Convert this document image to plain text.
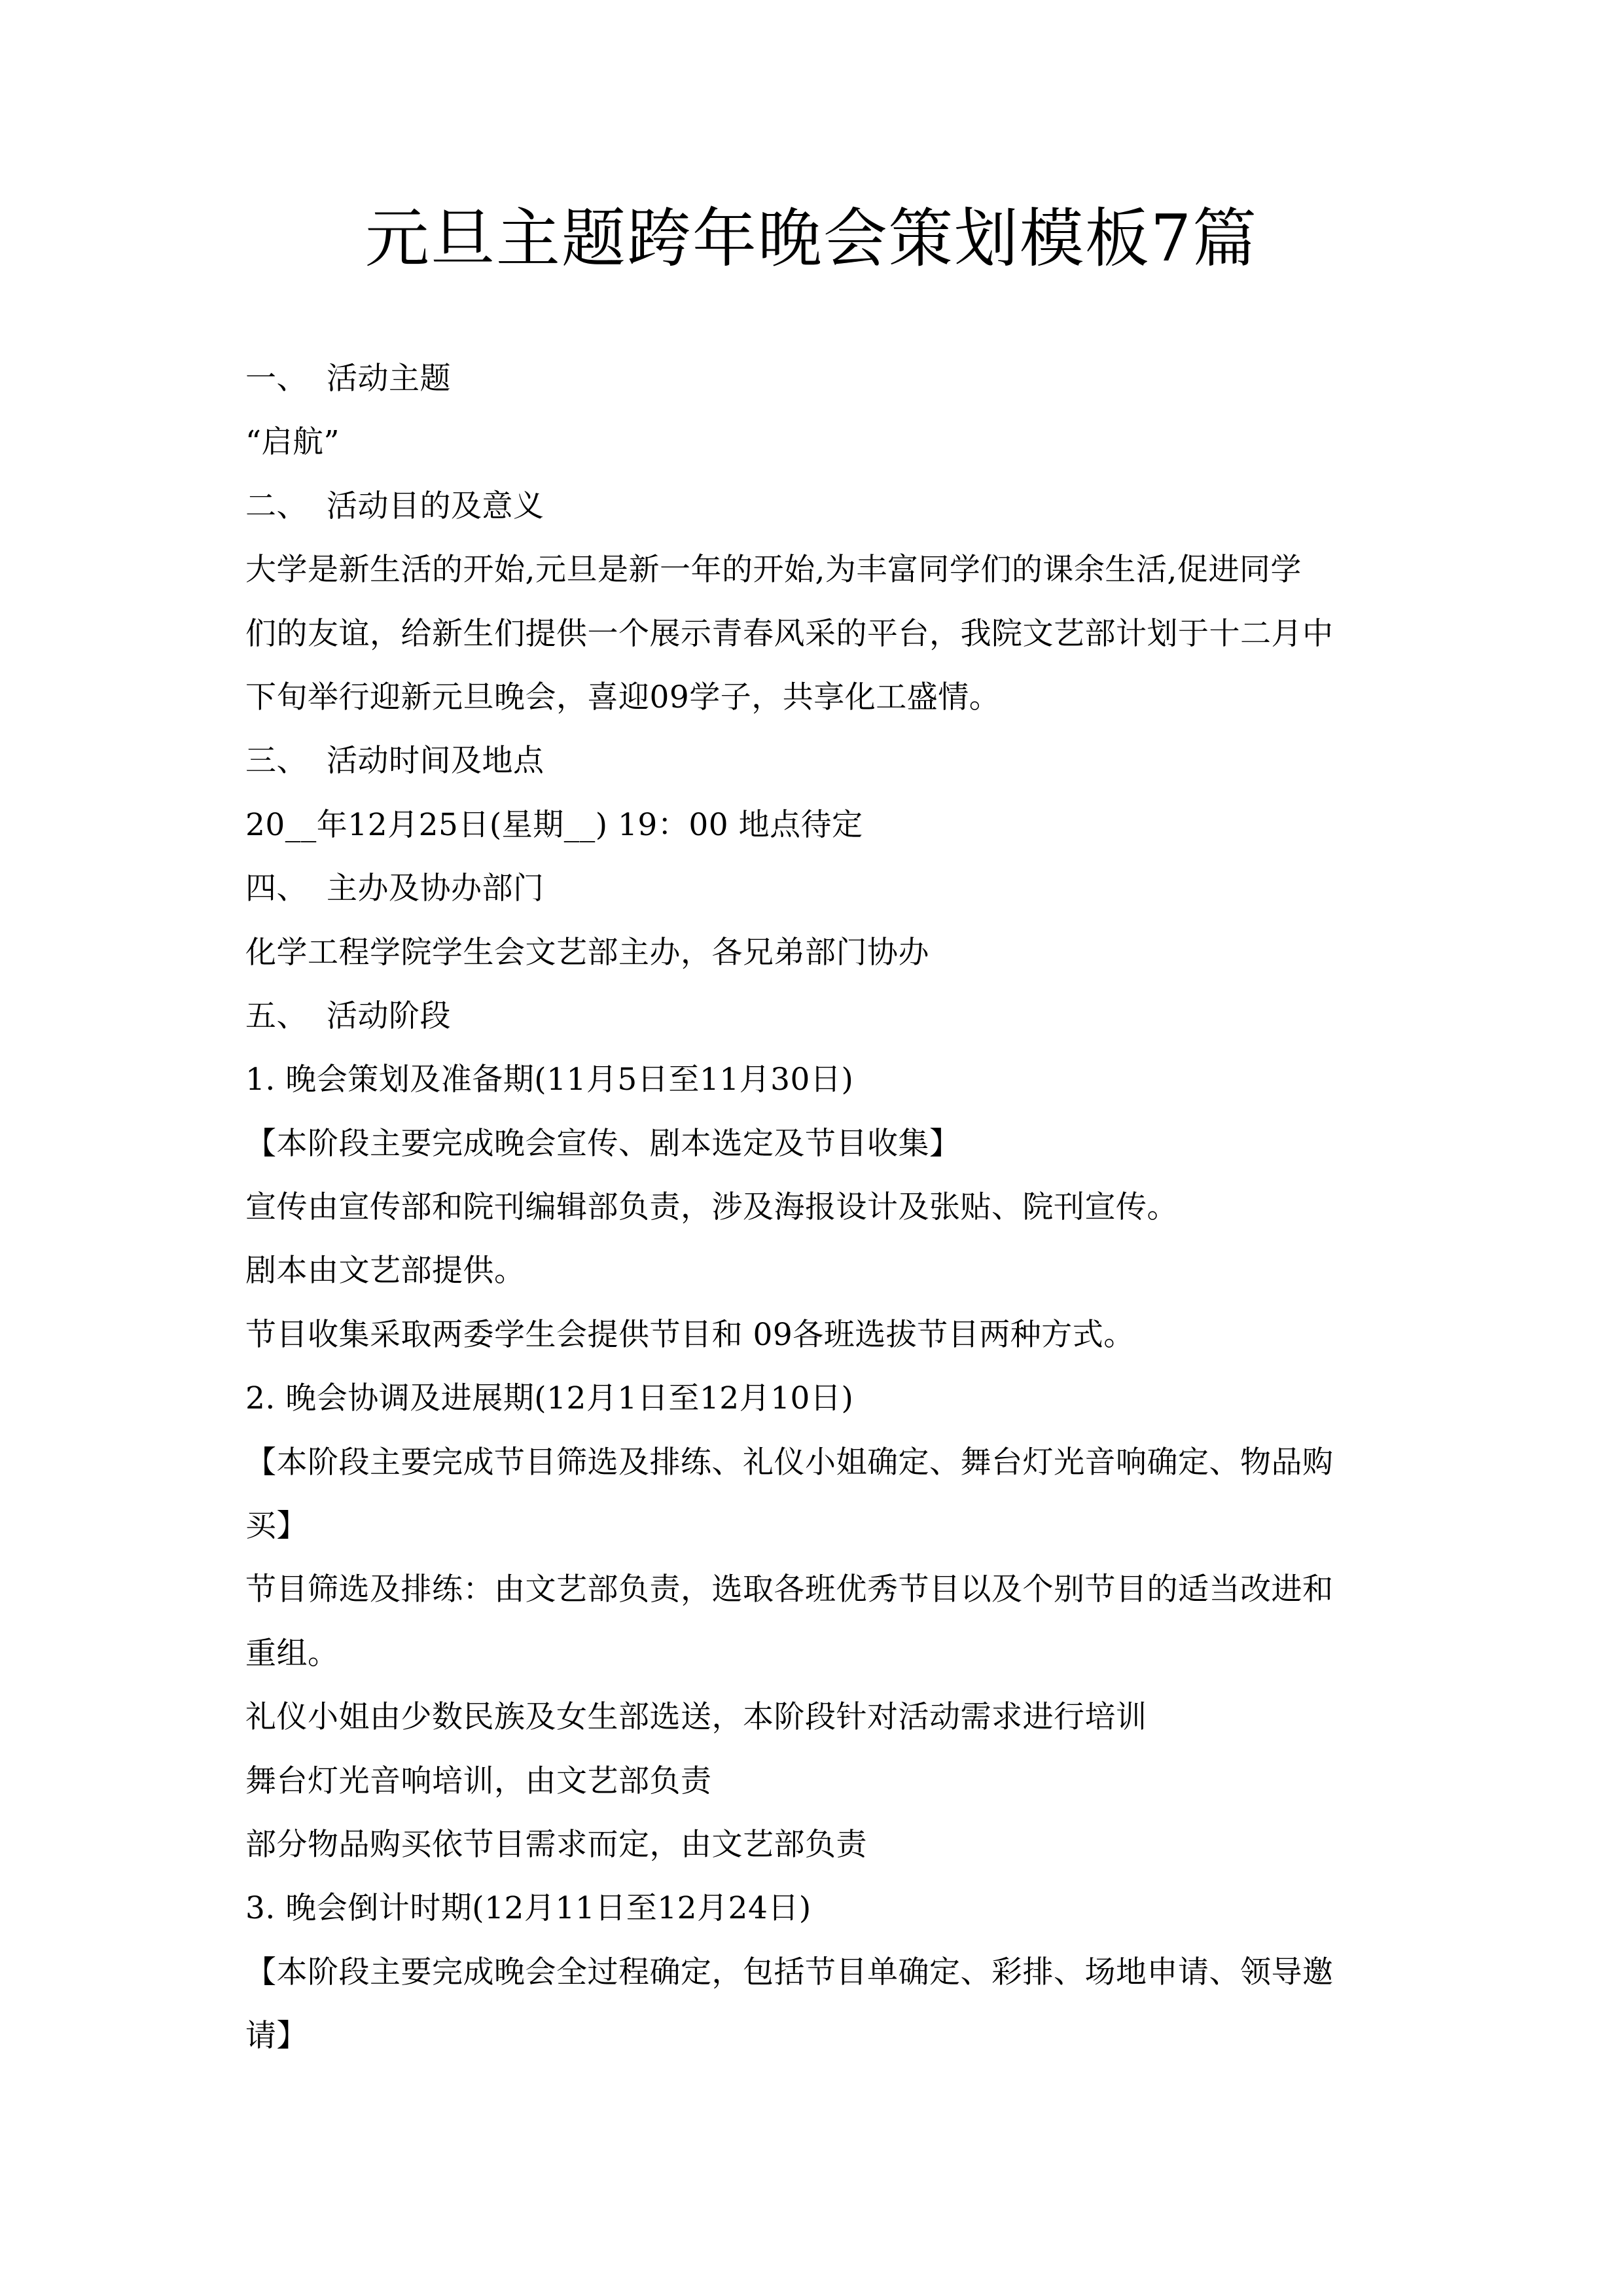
元旦主题跨年晚会策划模板7篇

一、 活动主题

“启航”

二、 活动目的及意义

大学是新生活的开始,元旦是新一年的开始,为丰富同学们的课余生活,促进同学

们的友谊，给新生们提供一个展示青春风采的平台，我院文艺部计划于十二月中

下旬举行迎新元旦晚会，喜迎09学子，共享化工盛情。

三、 活动时间及地点

20__年12月25日(星期__) 19：00 地点待定

四、 主办及协办部门

化学工程学院学生会文艺部主办，各兄弟部门协办

五、 活动阶段

1. 晚会策划及准备期(11月5日至11月30日)

【本阶段主要完成晚会宣传、剧本选定及节目收集】

宣传由宣传部和院刊编辑部负责，涉及海报设计及张贴、院刊宣传。

剧本由文艺部提供。

节目收集采取两委学生会提供节目和 09各班选拔节目两种方式。

2. 晚会协调及进展期(12月1日至12月10日)

【本阶段主要完成节目筛选及排练、礼仪小姐确定、舞台灯光音响确定、物品购

买】

节目筛选及排练：由文艺部负责，选取各班优秀节目以及个别节目的适当改进和

重组。

礼仪小姐由少数民族及女生部选送，本阶段针对活动需求进行培训

舞台灯光音响培训，由文艺部负责

部分物品购买依节目需求而定，由文艺部负责

3. 晚会倒计时期(12月11日至12月24日)

【本阶段主要完成晚会全过程确定，包括节目单确定、彩排、场地申请、领导邀

请】
